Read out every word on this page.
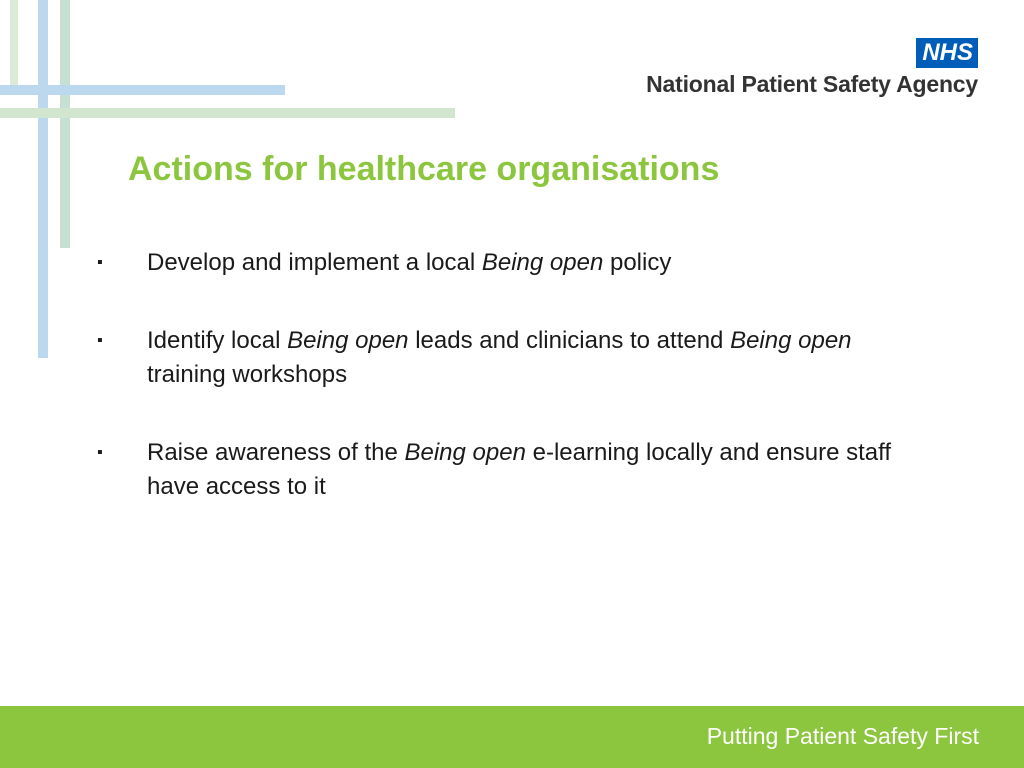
NHS
National Patient Safety Agency
Actions for healthcare organisations
▪ Develop and implement a local Being open policy
▪ Identify local Being open leads and clinicians to attend Being open training workshops
▪ Raise awareness of the Being open e-learning locally and ensure staff have access to it
Putting Patient Safety First
